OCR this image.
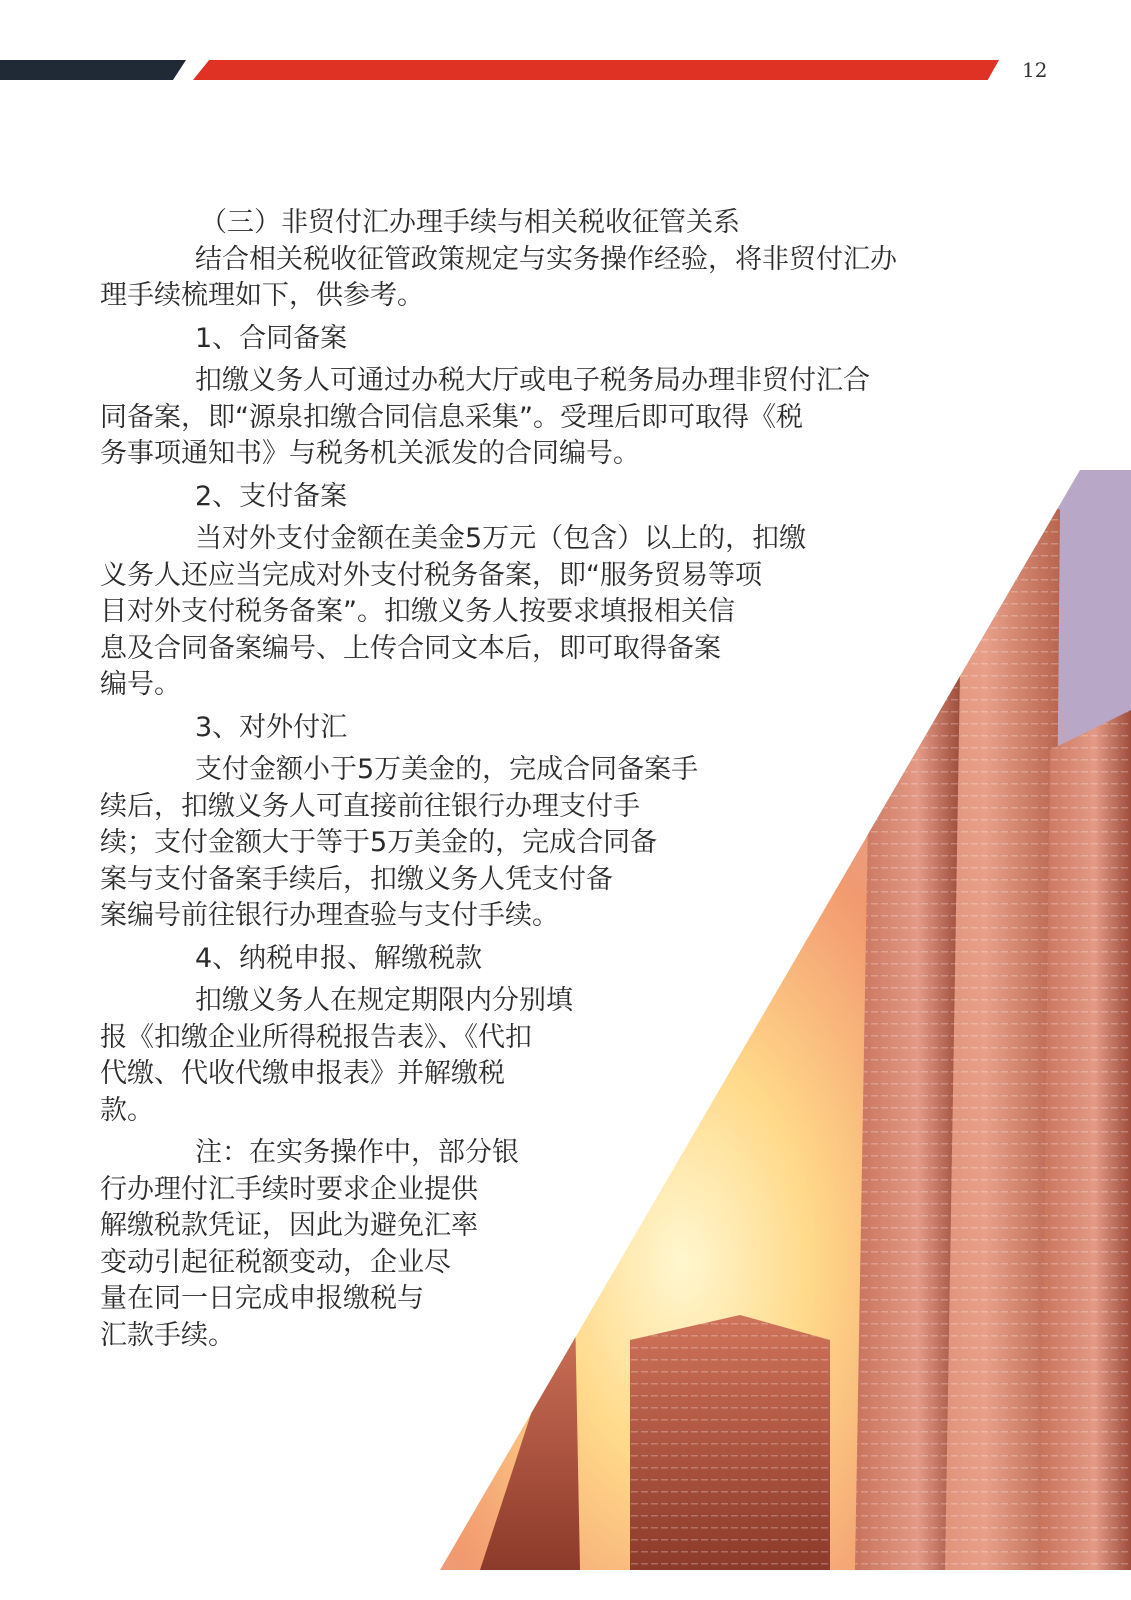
12

（三）非贸付汇办理手续与相关税收征管关系

结合相关税收征管政策规定与实务操作经验，将非贸付汇办

理手续梳理如下，供参考。

1、合同备案

扣缴义务人可通过办税大厅或电子税务局办理非贸付汇合

同备案，即“源泉扣缴合同信息采集”。受理后即可取得《税

务事项通知书》与税务机关派发的合同编号。

2、支付备案

当对外支付金额在美金5万元（包含）以上的，扣缴

义务人还应当完成对外支付税务备案，即“服务贸易等项

目对外支付税务备案”。扣缴义务人按要求填报相关信

息及合同备案编号、上传合同文本后，即可取得备案

编号。

3、对外付汇

支付金额小于5万美金的，完成合同备案手

续后，扣缴义务人可直接前往银行办理支付手

续；支付金额大于等于5万美金的，完成合同备

案与支付备案手续后，扣缴义务人凭支付备

案编号前往银行办理查验与支付手续。

4、纳税申报、解缴税款

扣缴义务人在规定期限内分别填

报《扣缴企业所得税报告表》、《代扣

代缴、代收代缴申报表》并解缴税

款。

注：在实务操作中，部分银

行办理付汇手续时要求企业提供

解缴税款凭证，因此为避免汇率

变动引起征税额变动，企业尽

量在同一日完成申报缴税与

汇款手续。
